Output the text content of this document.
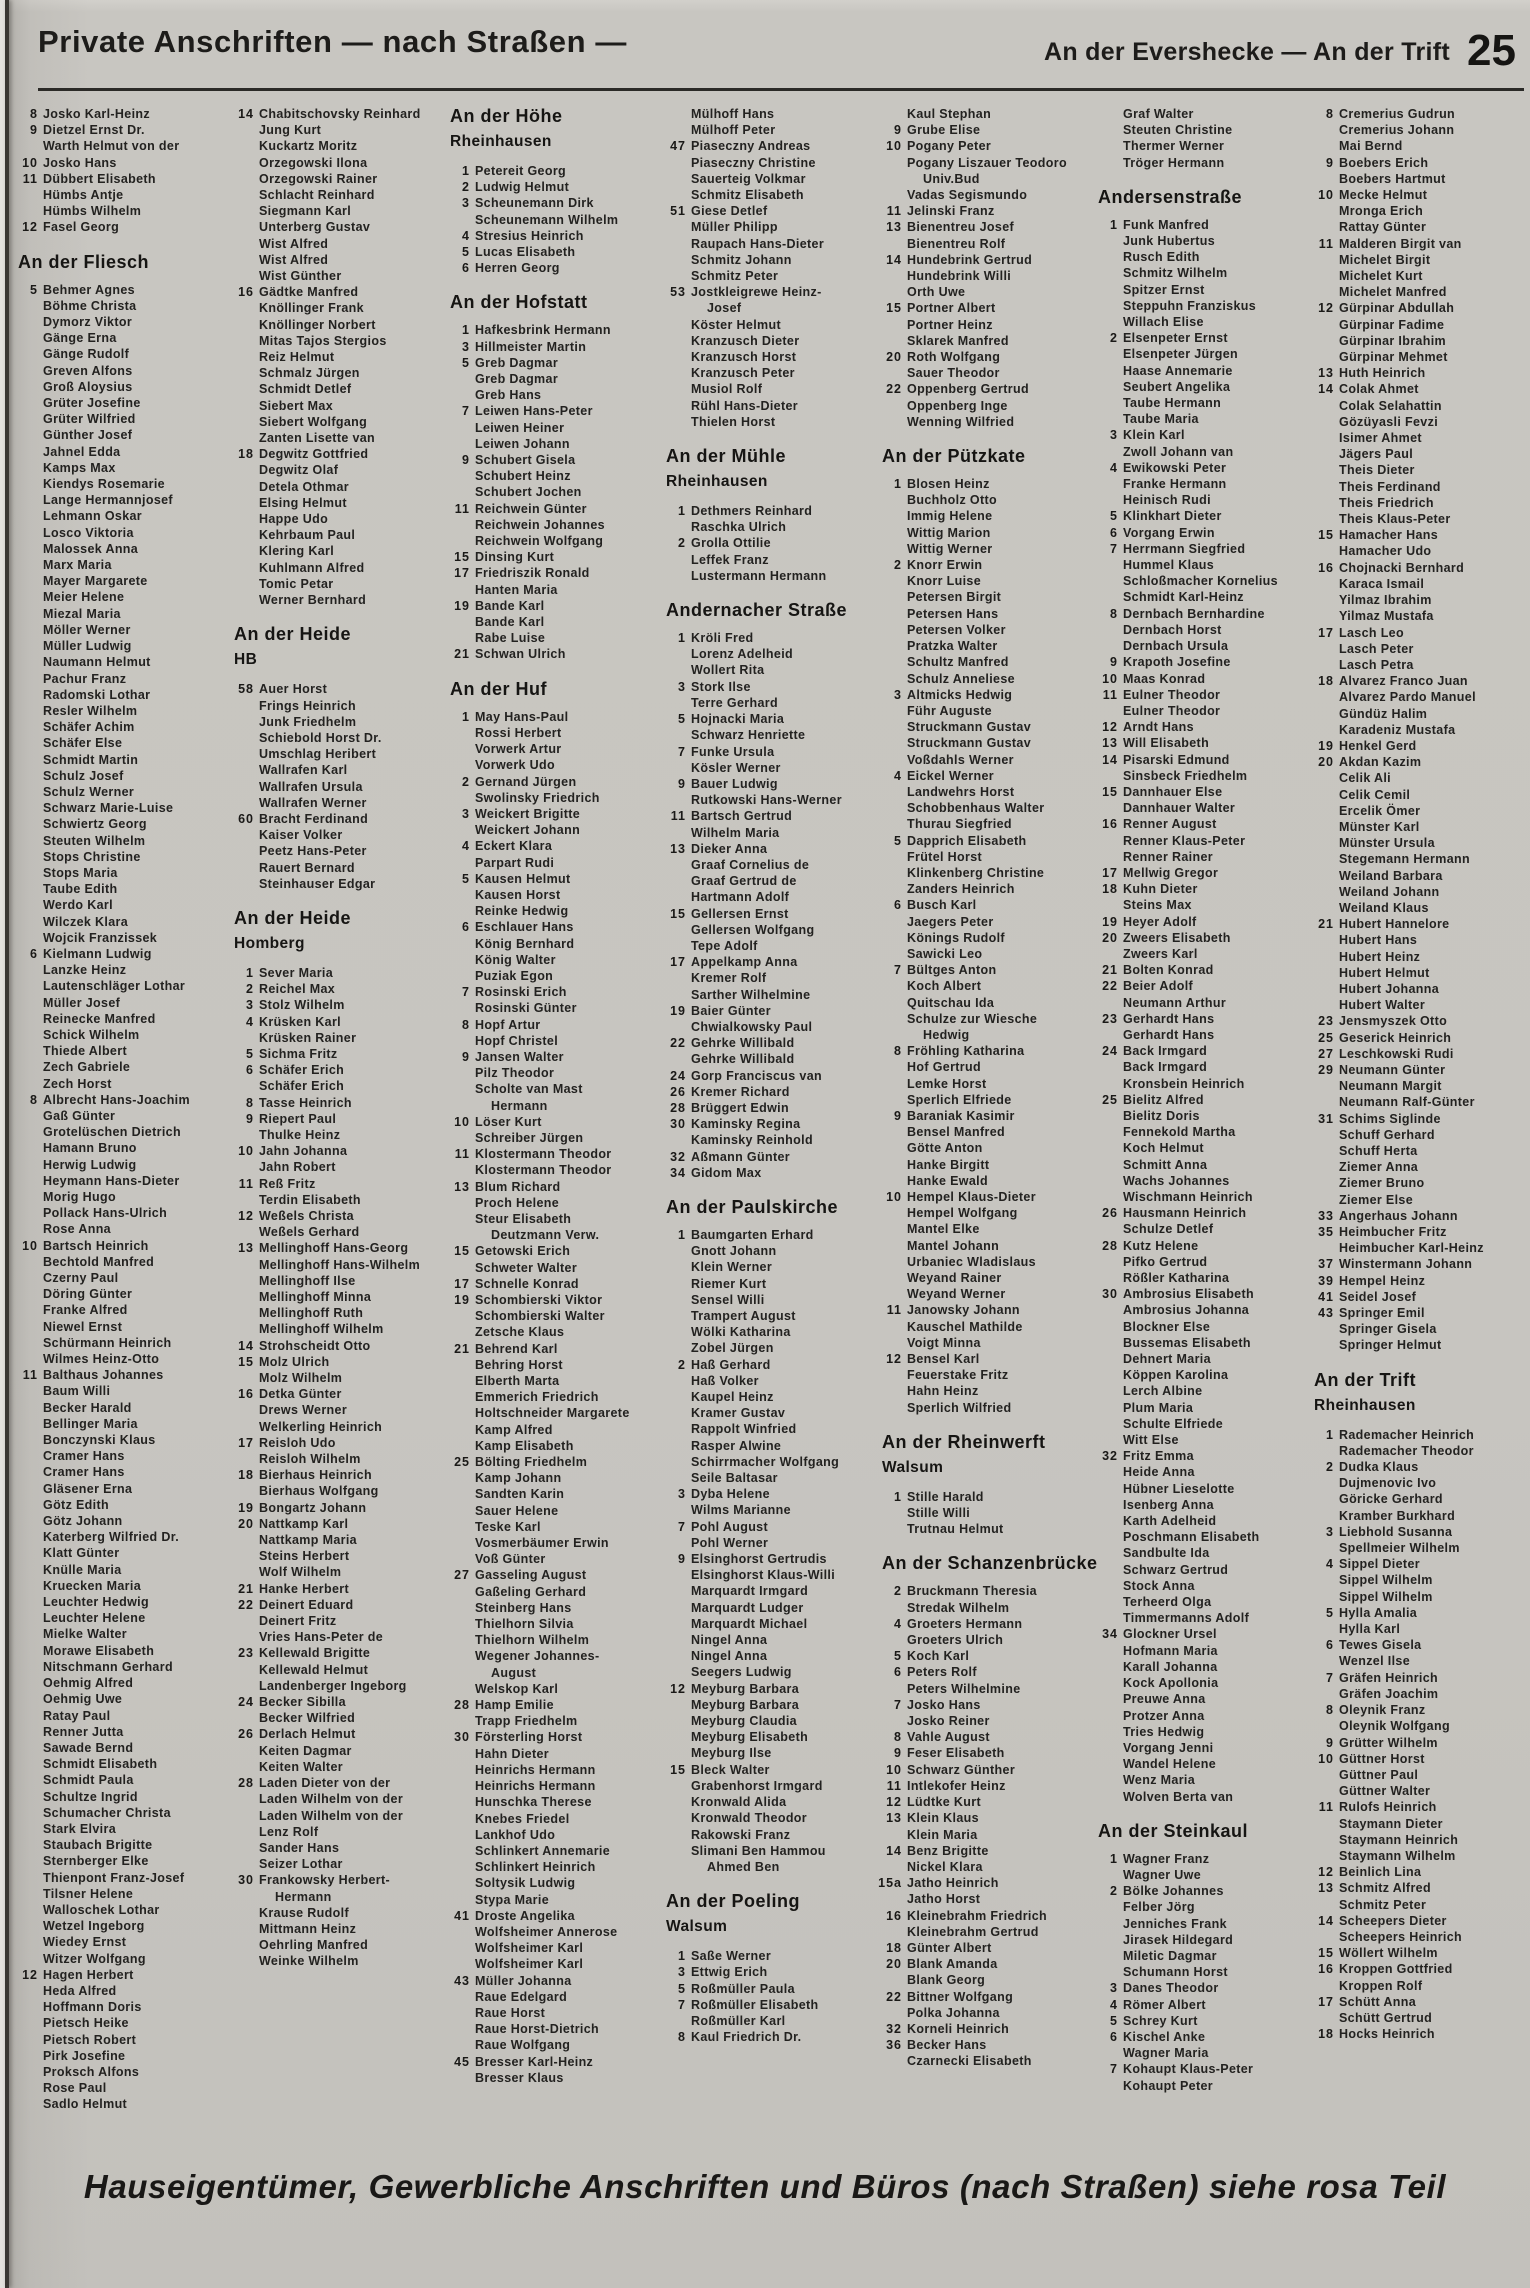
Private Anschriften — nach Straßen —	An der Evershecke — An der Trift 25
8 Josko Karl-Heinz
9 Dietzel Ernst Dr.
Warth Helmut von der
10 Josko Hans
11 Dübbert Elisabeth
Hümbs Antje
Hümbs Wilhelm
12 Fasel Georg
An der Fliesch
5 Behmer Agnes
Böhme Christa
Dymorz Viktor
Gänge Erna
Gänge Rudolf
Greven Alfons
Groß Aloysius
Grüter Josefine
Grüter Wilfried
Günther Josef
Jahnel Edda
Kamps Max
Kiendys Rosemarie
Lange Hermannjosef
Lehmann Oskar
Losco Viktoria
Malossek Anna
Marx Maria
Mayer Margarete
Meier Helene
Miezal Maria
Möller Werner
Müller Ludwig
Naumann Helmut
Pachur Franz
Radomski Lothar
Resler Wilhelm
Schäfer Achim
Schäfer Else
Schmidt Martin
Schulz Josef
Schulz Werner
Schwarz Marie-Luise
Schwiertz Georg
Steuten Wilhelm
Stops Christine
Stops Maria
Taube Edith
Werdo Karl
Wilczek Klara
Wojcik Franzissek
6 Kielmann Ludwig
Lanzke Heinz
Lautenschläger Lothar
Müller Josef
Reinecke Manfred
Schick Wilhelm
Thiede Albert
Zech Gabriele
Zech Horst
8 Albrecht Hans-Joachim
Gaß Günter
Grotelüschen Dietrich
Hamann Bruno
Herwig Ludwig
Heymann Hans-Dieter
Morig Hugo
Pollack Hans-Ulrich
Rose Anna
10 Bartsch Heinrich
Bechtold Manfred
Czerny Paul
Döring Günter
Franke Alfred
Niewel Ernst
Schürmann Heinrich
Wilmes Heinz-Otto
11 Balthaus Johannes
Baum Willi
Becker Harald
Bellinger Maria
Bonczynski Klaus
Cramer Hans
Cramer Hans
Gläsener Erna
Götz Edith
Götz Johann
Katerberg Wilfried Dr.
Klatt Günter
Knülle Maria
Kruecken Maria
Leuchter Hedwig
Leuchter Helene
Mielke Walter
Morawe Elisabeth
Nitschmann Gerhard
Oehmig Alfred
Oehmig Uwe
Ratay Paul
Renner Jutta
Sawade Bernd
Schmidt Elisabeth
Schmidt Paula
Schultze Ingrid
Schumacher Christa
Stark Elvira
Staubach Brigitte
Sternberger Elke
Thienpont Franz-Josef
Tilsner Helene
Walloschek Lothar
Wetzel Ingeborg
Wiedey Ernst
Witzer Wolfgang
12 Hagen Herbert
Heda Alfred
Hoffmann Doris
Pietsch Heike
Pietsch Robert
Pirk Josefine
Proksch Alfons
Rose Paul
Sadlo Helmut
14 Chabitschovsky Reinhard
Jung Kurt
Kuckartz Moritz
Orzegowski Ilona
Orzegowski Rainer
Schlacht Reinhard
Siegmann Karl
Unterberg Gustav
Wist Alfred
Wist Alfred
Wist Günther
16 Gädtke Manfred
Knöllinger Frank
Knöllinger Norbert
Mitas Tajos Stergios
Reiz Helmut
Schmalz Jürgen
Schmidt Detlef
Siebert Max
Siebert Wolfgang
Zanten Lisette van
18 Degwitz Gottfried
Degwitz Olaf
Detela Othmar
Elsing Helmut
Happe Udo
Kehrbaum Paul
Klering Karl
Kuhlmann Alfred
Tomic Petar
Werner Bernhard
An der Heide
HB
58 Auer Horst
Frings Heinrich
Junk Friedhelm
Schiebold Horst Dr.
Umschlag Heribert
Wallrafen Karl
Wallrafen Ursula
Wallrafen Werner
60 Bracht Ferdinand
Kaiser Volker
Peetz Hans-Peter
Rauert Bernard
Steinhauser Edgar
An der Heide
Homberg
1 Sever Maria
2 Reichel Max
3 Stolz Wilhelm
4 Krüsken Karl
Krüsken Rainer
5 Sichma Fritz
6 Schäfer Erich
Schäfer Erich
8 Tasse Heinrich
9 Riepert Paul
Thulke Heinz
10 Jahn Johanna
Jahn Robert
11 Reß Fritz
Terdin Elisabeth
12 Weßels Christa
Weßels Gerhard
13 Mellinghoff Hans-Georg
Mellinghoff Hans-Wilhelm
Mellinghoff Ilse
Mellinghoff Minna
Mellinghoff Ruth
Mellinghoff Wilhelm
14 Strohscheidt Otto
15 Molz Ulrich
Molz Wilhelm
16 Detka Günter
Drews Werner
Welkerling Heinrich
17 Reisloh Udo
Reisloh Wilhelm
18 Bierhaus Heinrich
Bierhaus Wolfgang
19 Bongartz Johann
20 Nattkamp Karl
Nattkamp Maria
Steins Herbert
Wolf Wilhelm
21 Hanke Herbert
22 Deinert Eduard
Deinert Fritz
Vries Hans-Peter de
23 Kellewald Brigitte
Kellewald Helmut
Landenberger Ingeborg
24 Becker Sibilla
Becker Wilfried
26 Derlach Helmut
Keiten Dagmar
Keiten Walter
28 Laden Dieter von der
Laden Wilhelm von der
Laden Wilhelm von der
Lenz Rolf
Sander Hans
Seizer Lothar
30 Frankowsky Herbert-
Hermann
Krause Rudolf
Mittmann Heinz
Oehrling Manfred
Weinke Wilhelm
An der Höhe
Rheinhausen
1 Petereit Georg
2 Ludwig Helmut
3 Scheunemann Dirk
Scheunemann Wilhelm
4 Stresius Heinrich
5 Lucas Elisabeth
6 Herren Georg
An der Hofstatt
1 Hafkesbrink Hermann
3 Hillmeister Martin
5 Greb Dagmar
Greb Dagmar
Greb Hans
7 Leiwen Hans-Peter
Leiwen Heiner
Leiwen Johann
9 Schubert Gisela
Schubert Heinz
Schubert Jochen
11 Reichwein Günter
Reichwein Johannes
Reichwein Wolfgang
15 Dinsing Kurt
17 Friedriszik Ronald
Hanten Maria
19 Bande Karl
Bande Karl
Rabe Luise
21 Schwan Ulrich
An der Huf
1 May Hans-Paul
Rossi Herbert
Vorwerk Artur
Vorwerk Udo
2 Gernand Jürgen
Swolinsky Friedrich
3 Weickert Brigitte
Weickert Johann
4 Eckert Klara
Parpart Rudi
5 Kausen Helmut
Kausen Horst
Reinke Hedwig
6 Eschlauer Hans
König Bernhard
König Walter
Puziak Egon
7 Rosinski Erich
Rosinski Günter
8 Hopf Artur
Hopf Christel
9 Jansen Walter
Pilz Theodor
Scholte van Mast
Hermann
10 Löser Kurt
Schreiber Jürgen
11 Klostermann Theodor
Klostermann Theodor
13 Blum Richard
Proch Helene
Steur Elisabeth
Deutzmann Verw.
15 Getowski Erich
Schweter Walter
17 Schnelle Konrad
19 Schombierski Viktor
Schombierski Walter
Zetsche Klaus
21 Behrend Karl
Behring Horst
Elberth Marta
Emmerich Friedrich
Holtschneider Margarete
Kamp Alfred
Kamp Elisabeth
25 Bölting Friedhelm
Kamp Johann
Sandten Karin
Sauer Helene
Teske Karl
Vosmerbäumer Erwin
Voß Günter
27 Gasseling August
Gaßeling Gerhard
Steinberg Hans
Thielhorn Silvia
Thielhorn Wilhelm
Wegener Johannes-
August
Welskop Karl
28 Hamp Emilie
Trapp Friedhelm
30 Försterling Horst
Hahn Dieter
Heinrichs Hermann
Heinrichs Hermann
Hunschka Therese
Knebes Friedel
Lankhof Udo
Schlinkert Annemarie
Schlinkert Heinrich
Soltysik Ludwig
Stypa Marie
41 Droste Angelika
Wolfsheimer Annerose
Wolfsheimer Karl
Wolfsheimer Karl
43 Müller Johanna
Raue Edelgard
Raue Horst
Raue Horst-Dietrich
Raue Wolfgang
45 Bresser Karl-Heinz
Bresser Klaus
Mülhoff Hans
Mülhoff Peter
47 Piaseczny Andreas
Piaseczny Christine
Sauerteig Volkmar
Schmitz Elisabeth
51 Giese Detlef
Müller Philipp
Raupach Hans-Dieter
Schmitz Johann
Schmitz Peter
53 Jostkleigrewe Heinz-
Josef
Köster Helmut
Kranzusch Dieter
Kranzusch Horst
Kranzusch Peter
Musiol Rolf
Rühl Hans-Dieter
Thielen Horst
An der Mühle
Rheinhausen
1 Dethmers Reinhard
Raschka Ulrich
2 Grolla Ottilie
Leffek Franz
Lustermann Hermann
Andernacher Straße
1 Kröli Fred
Lorenz Adelheid
Wollert Rita
3 Stork Ilse
Terre Gerhard
5 Hojnacki Maria
Schwarz Henriette
7 Funke Ursula
Kösler Werner
9 Bauer Ludwig
Rutkowski Hans-Werner
11 Bartsch Gertrud
Wilhelm Maria
13 Dieker Anna
Graaf Cornelius de
Graaf Gertrud de
Hartmann Adolf
15 Gellersen Ernst
Gellersen Wolfgang
Tepe Adolf
17 Appelkamp Anna
Kremer Rolf
Sarther Wilhelmine
19 Baier Günter
Chwialkowsky Paul
22 Gehrke Willibald
Gehrke Willibald
24 Gorp Franciscus van
26 Kremer Richard
28 Brüggert Edwin
30 Kaminsky Regina
Kaminsky Reinhold
32 Aßmann Günter
34 Gidom Max
An der Paulskirche
1 Baumgarten Erhard
Gnott Johann
Klein Werner
Riemer Kurt
Sensel Willi
Trampert August
Wölki Katharina
Zobel Jürgen
2 Haß Gerhard
Haß Volker
Kaupel Heinz
Kramer Gustav
Rappolt Winfried
Rasper Alwine
Schirrmacher Wolfgang
Seile Baltasar
3 Dyba Helene
Wilms Marianne
7 Pohl August
Pohl Werner
9 Elsinghorst Gertrudis
Elsinghorst Klaus-Willi
Marquardt Irmgard
Marquardt Ludger
Marquardt Michael
Ningel Anna
Ningel Anna
Seegers Ludwig
12 Meyburg Barbara
Meyburg Barbara
Meyburg Claudia
Meyburg Elisabeth
Meyburg Ilse
15 Bleck Walter
Grabenhorst Irmgard
Kronwald Alida
Kronwald Theodor
Rakowski Franz
Slimani Ben Hammou
Ahmed Ben
An der Poeling
Walsum
1 Saße Werner
3 Ettwig Erich
5 Roßmüller Paula
7 Roßmüller Elisabeth
Roßmüller Karl
8 Kaul Friedrich Dr.
Kaul Stephan
9 Grube Elise
10 Pogany Peter
Pogany Liszauer Teodoro
Univ.Bud
Vadas Segismundo
11 Jelinski Franz
13 Bienentreu Josef
Bienentreu Rolf
14 Hundebrink Gertrud
Hundebrink Willi
Orth Uwe
15 Portner Albert
Portner Heinz
Sklarek Manfred
20 Roth Wolfgang
Sauer Theodor
22 Oppenberg Gertrud
Oppenberg Inge
Wenning Wilfried
An der Pützkate
1 Blosen Heinz
Buchholz Otto
Immig Helene
Wittig Marion
Wittig Werner
2 Knorr Erwin
Knorr Luise
Petersen Birgit
Petersen Hans
Petersen Volker
Pratzka Walter
Schultz Manfred
Schulz Anneliese
3 Altmicks Hedwig
Führ Auguste
Struckmann Gustav
Struckmann Gustav
Voßdahls Werner
4 Eickel Werner
Landwehrs Horst
Schobbenhaus Walter
Thurau Siegfried
5 Dapprich Elisabeth
Frütel Horst
Klinkenberg Christine
Zanders Heinrich
6 Busch Karl
Jaegers Peter
Könings Rudolf
Sawicki Leo
7 Bültges Anton
Koch Albert
Quitschau Ida
Schulze zur Wiesche
Hedwig
8 Fröhling Katharina
Hof Gertrud
Lemke Horst
Sperlich Elfriede
9 Baraniak Kasimir
Bensel Manfred
Götte Anton
Hanke Birgitt
Hanke Ewald
10 Hempel Klaus-Dieter
Hempel Wolfgang
Mantel Elke
Mantel Johann
Urbaniec Wladislaus
Weyand Rainer
Weyand Werner
11 Janowsky Johann
Kauschel Mathilde
Voigt Minna
12 Bensel Karl
Feuerstake Fritz
Hahn Heinz
Sperlich Wilfried
An der Rheinwerft
Walsum
1 Stille Harald
Stille Willi
Trutnau Helmut
An der Schanzenbrücke
2 Bruckmann Theresia
Stredak Wilhelm
4 Groeters Hermann
Groeters Ulrich
5 Koch Karl
6 Peters Rolf
Peters Wilhelmine
7 Josko Hans
Josko Reiner
8 Vahle August
9 Feser Elisabeth
10 Schwarz Günther
11 Intlekofer Heinz
12 Lüdtke Kurt
13 Klein Klaus
Klein Maria
14 Benz Brigitte
Nickel Klara
15a Jatho Heinrich
Jatho Horst
16 Kleinebrahm Friedrich
Kleinebrahm Gertrud
18 Günter Albert
20 Blank Amanda
Blank Georg
22 Bittner Wolfgang
Polka Johanna
32 Korneli Heinrich
36 Becker Hans
Czarnecki Elisabeth
Graf Walter
Steuten Christine
Thermer Werner
Tröger Hermann
Andersenstraße
1 Funk Manfred
Junk Hubertus
Rusch Edith
Schmitz Wilhelm
Spitzer Ernst
Steppuhn Franziskus
Willach Elise
2 Elsenpeter Ernst
Elsenpeter Jürgen
Haase Annemarie
Seubert Angelika
Taube Hermann
Taube Maria
3 Klein Karl
Zwoll Johann van
4 Ewikowski Peter
Franke Hermann
Heinisch Rudi
5 Klinkhart Dieter
6 Vorgang Erwin
7 Herrmann Siegfried
Hummel Klaus
Schloßmacher Kornelius
Schmidt Karl-Heinz
8 Dernbach Bernhardine
Dernbach Horst
Dernbach Ursula
9 Krapoth Josefine
10 Maas Konrad
11 Eulner Theodor
Eulner Theodor
12 Arndt Hans
13 Will Elisabeth
14 Pisarski Edmund
Sinsbeck Friedhelm
15 Dannhauer Else
Dannhauer Walter
16 Renner August
Renner Klaus-Peter
Renner Rainer
17 Mellwig Gregor
18 Kuhn Dieter
Steins Max
19 Heyer Adolf
20 Zweers Elisabeth
Zweers Karl
21 Bolten Konrad
22 Beier Adolf
Neumann Arthur
23 Gerhardt Hans
Gerhardt Hans
24 Back Irmgard
Back Irmgard
Kronsbein Heinrich
25 Bielitz Alfred
Bielitz Doris
Fennekold Martha
Koch Helmut
Schmitt Anna
Wachs Johannes
Wischmann Heinrich
26 Hausmann Heinrich
Schulze Detlef
28 Kutz Helene
Pifko Gertrud
Rößler Katharina
30 Ambrosius Elisabeth
Ambrosius Johanna
Blockner Else
Bussemas Elisabeth
Dehnert Maria
Köppen Karolina
Lerch Albine
Plum Maria
Schulte Elfriede
Witt Else
32 Fritz Emma
Heide Anna
Hübner Lieselotte
Isenberg Anna
Karth Adelheid
Poschmann Elisabeth
Sandbulte Ida
Schwarz Gertrud
Stock Anna
Terheerd Olga
Timmermanns Adolf
34 Glockner Ursel
Hofmann Maria
Karall Johanna
Kock Apollonia
Preuwe Anna
Protzer Anna
Tries Hedwig
Vorgang Jenni
Wandel Helene
Wenz Maria
Wolven Berta van
An der Steinkaul
1 Wagner Franz
Wagner Uwe
2 Bölke Johannes
Felber Jörg
Jenniches Frank
Jirasek Hildegard
Miletic Dagmar
Schumann Horst
3 Danes Theodor
4 Römer Albert
5 Schrey Kurt
6 Kischel Anke
Wagner Maria
7 Kohaupt Klaus-Peter
Kohaupt Peter
8 Cremerius Gudrun
Cremerius Johann
Mai Bernd
9 Boebers Erich
Boebers Hartmut
10 Mecke Helmut
Mronga Erich
Rattay Günter
11 Malderen Birgit van
Michelet Birgit
Michelet Kurt
Michelet Manfred
12 Gürpinar Abdullah
Gürpinar Fadime
Gürpinar Ibrahim
Gürpinar Mehmet
13 Huth Heinrich
14 Colak Ahmet
Colak Selahattin
Gözüyasli Fevzi
Isimer Ahmet
Jägers Paul
Theis Dieter
Theis Ferdinand
Theis Friedrich
Theis Klaus-Peter
15 Hamacher Hans
Hamacher Udo
16 Chojnacki Bernhard
Karaca Ismail
Yilmaz Ibrahim
Yilmaz Mustafa
17 Lasch Leo
Lasch Peter
Lasch Petra
18 Alvarez Franco Juan
Alvarez Pardo Manuel
Gündüz Halim
Karadeniz Mustafa
19 Henkel Gerd
20 Akdan Kazim
Celik Ali
Celik Cemil
Ercelik Ömer
Münster Karl
Münster Ursula
Stegemann Hermann
Weiland Barbara
Weiland Johann
Weiland Klaus
21 Hubert Hannelore
Hubert Hans
Hubert Heinz
Hubert Helmut
Hubert Johanna
Hubert Walter
23 Jensmyszek Otto
25 Geserick Heinrich
27 Leschkowski Rudi
29 Neumann Günter
Neumann Margit
Neumann Ralf-Günter
31 Schims Siglinde
Schuff Gerhard
Schuff Herta
Ziemer Anna
Ziemer Bruno
Ziemer Else
33 Angerhaus Johann
35 Heimbucher Fritz
Heimbucher Karl-Heinz
37 Winstermann Johann
39 Hempel Heinz
41 Seidel Josef
43 Springer Emil
Springer Gisela
Springer Helmut
An der Trift
Rheinhausen
1 Rademacher Heinrich
Rademacher Theodor
2 Dudka Klaus
Dujmenovic Ivo
Göricke Gerhard
Kramber Burkhard
3 Liebhold Susanna
Spellmeier Wilhelm
4 Sippel Dieter
Sippel Wilhelm
Sippel Wilhelm
5 Hylla Amalia
Hylla Karl
6 Tewes Gisela
Wenzel Ilse
7 Gräfen Heinrich
Gräfen Joachim
8 Oleynik Franz
Oleynik Wolfgang
9 Grütter Wilhelm
10 Güttner Horst
Güttner Paul
Güttner Walter
11 Rulofs Heinrich
Staymann Dieter
Staymann Heinrich
Staymann Wilhelm
12 Beinlich Lina
13 Schmitz Alfred
Schmitz Peter
14 Scheepers Dieter
Scheepers Heinrich
15 Wöllert Wilhelm
16 Kroppen Gottfried
Kroppen Rolf
17 Schütt Anna
Schütt Gertrud
18 Hocks Heinrich
Hauseigentümer, Gewerbliche Anschriften und Büros (nach Straßen) siehe rosa Teil
